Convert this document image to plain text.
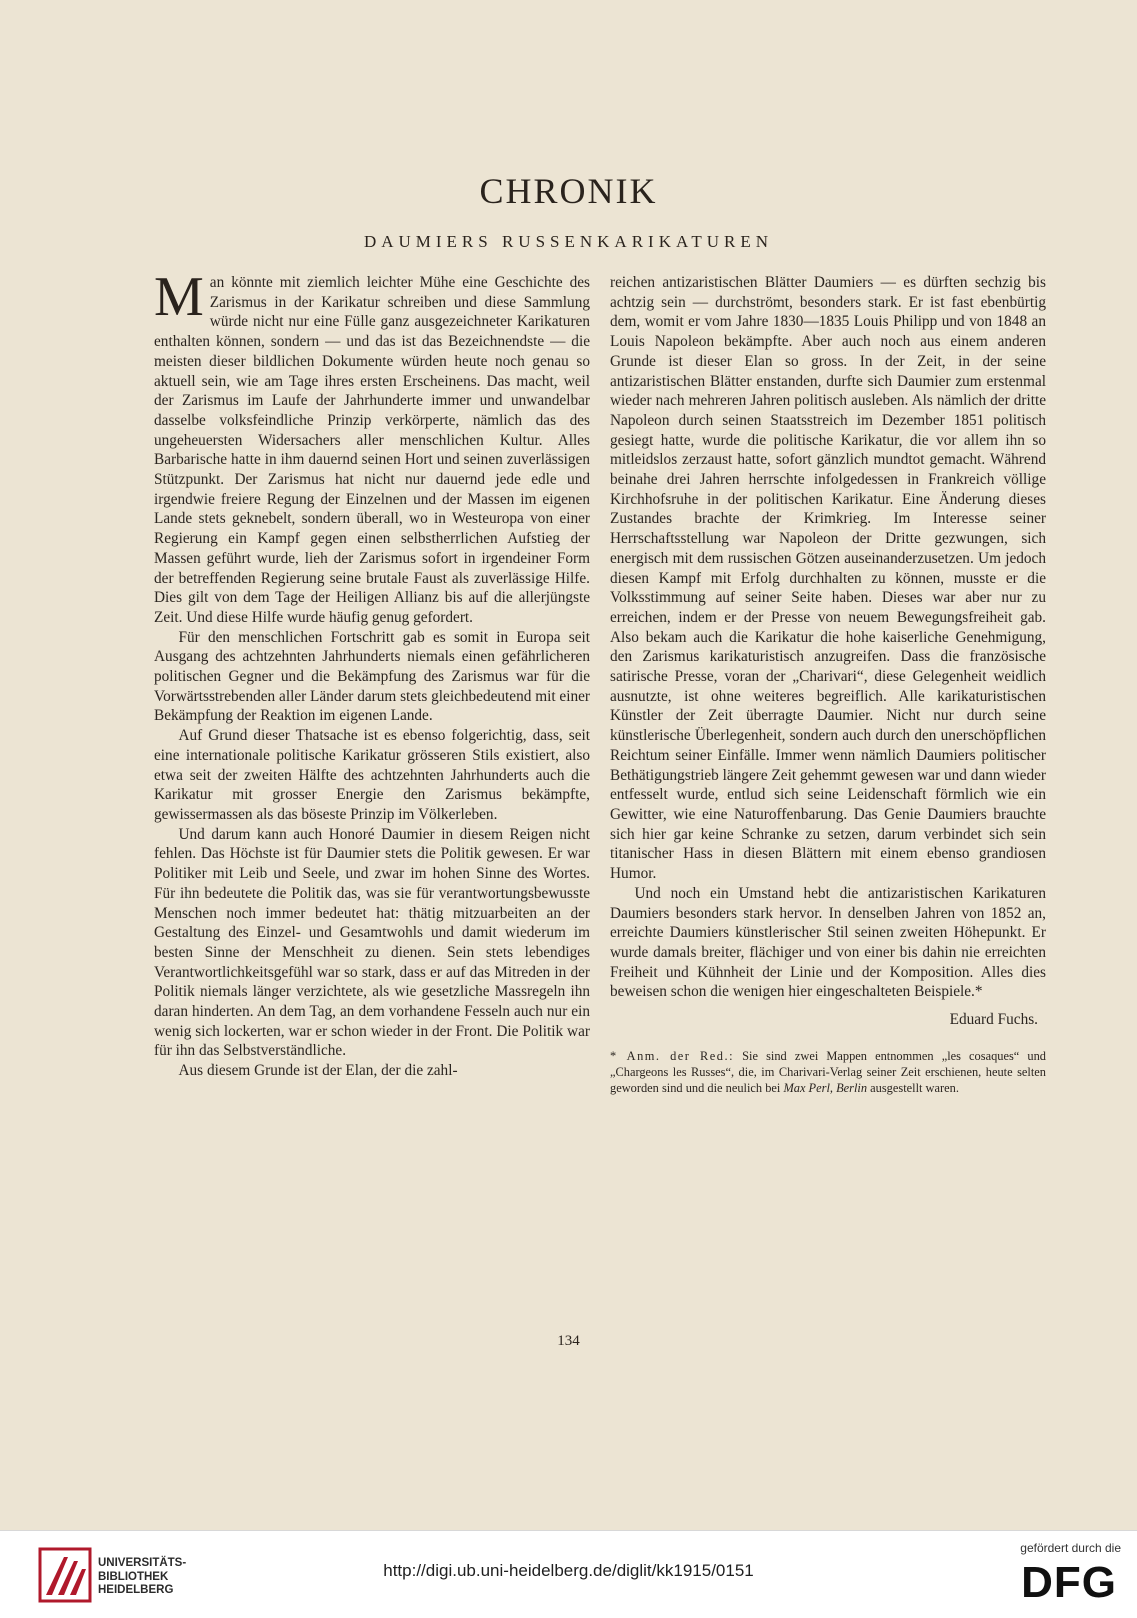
CHRONIK
DAUMIERS RUSSENKARIKATUREN

Man könnte mit ziemlich leichter Mühe eine Geschichte des Zarismus in der Karikatur schreiben und diese Sammlung würde nicht nur eine Fülle ganz ausgezeichneter Karikaturen enthalten können, sondern — und das ist das Bezeichnendste — die meisten dieser bildlichen Dokumente würden heute noch genau so aktuell sein, wie am Tage ihres ersten Erscheinens. Das macht, weil der Zarismus im Laufe der Jahrhunderte immer und unwandelbar dasselbe volksfeindliche Prinzip verkörperte, nämlich das des ungeheuersten Widersachers aller menschlichen Kultur. Alles Barbarische hatte in ihm dauernd seinen Hort und seinen zuverlässigen Stützpunkt. Der Zarismus hat nicht nur dauernd jede edle und irgendwie freiere Regung der Einzelnen und der Massen im eigenen Lande stets geknebelt, sondern überall, wo in Westeuropa von einer Regierung ein Kampf gegen einen selbstherrlichen Aufstieg der Massen geführt wurde, lieh der Zarismus sofort in irgendeiner Form der betreffenden Regierung seine brutale Faust als zuverlässige Hilfe. Dies gilt von dem Tage der Heiligen Allianz bis auf die allerjüngste Zeit. Und diese Hilfe wurde häufig genug gefordert.

Für den menschlichen Fortschritt gab es somit in Europa seit Ausgang des achtzehnten Jahrhunderts niemals einen gefährlicheren politischen Gegner und die Bekämpfung des Zarismus war für die Vorwärtsstrebenden aller Länder darum stets gleichbedeutend mit einer Bekämpfung der Reaktion im eigenen Lande.

Auf Grund dieser Thatsache ist es ebenso folgerichtig, dass, seit eine internationale politische Karikatur grösseren Stils existiert, also etwa seit der zweiten Hälfte des achtzehnten Jahrhunderts auch die Karikatur mit grosser Energie den Zarismus bekämpfte, gewissermassen als das böseste Prinzip im Völkerleben.

Und darum kann auch Honoré Daumier in diesem Reigen nicht fehlen. Das Höchste ist für Daumier stets die Politik gewesen. Er war Politiker mit Leib und Seele, und zwar im hohen Sinne des Wortes. Für ihn bedeutete die Politik das, was sie für verantwortungsbewusste Menschen noch immer bedeutet hat: thätig mitzuarbeiten an der Gestaltung des Einzel- und Gesamtwohls und damit wiederum im besten Sinne der Menschheit zu dienen. Sein stets lebendiges Verantwortlichkeitsgefühl war so stark, dass er auf das Mitreden in der Politik niemals länger verzichtete, als wie gesetzliche Massregeln ihn daran hinderten. An dem Tag, an dem vorhandene Fesseln auch nur ein wenig sich lockerten, war er schon wieder in der Front. Die Politik war für ihn das Selbstverständliche.

Aus diesem Grunde ist der Elan, der die zahl-

reichen antizaristischen Blätter Daumiers — es dürften sechzig bis achtzig sein — durchströmt, besonders stark. Er ist fast ebenbürtig dem, womit er vom Jahre 1830—1835 Louis Philipp und von 1848 an Louis Napoleon bekämpfte. Aber auch noch aus einem anderen Grunde ist dieser Elan so gross. In der Zeit, in der seine antizaristischen Blätter enstanden, durfte sich Daumier zum erstenmal wieder nach mehreren Jahren politisch ausleben. Als nämlich der dritte Napoleon durch seinen Staatsstreich im Dezember 1851 politisch gesiegt hatte, wurde die politische Karikatur, die vor allem ihn so mitleidslos zerzaust hatte, sofort gänzlich mundtot gemacht. Während beinahe drei Jahren herrschte infolgedessen in Frankreich völlige Kirchhofsruhe in der politischen Karikatur. Eine Änderung dieses Zustandes brachte der Krimkrieg. Im Interesse seiner Herrschaftsstellung war Napoleon der Dritte gezwungen, sich energisch mit dem russischen Götzen auseinanderzusetzen. Um jedoch diesen Kampf mit Erfolg durchhalten zu können, musste er die Volksstimmung auf seiner Seite haben. Dieses war aber nur zu erreichen, indem er der Presse von neuem Bewegungsfreiheit gab. Also bekam auch die Karikatur die hohe kaiserliche Genehmigung, den Zarismus karikaturistisch anzugreifen. Dass die französische satirische Presse, voran der „Charivari“, diese Gelegenheit weidlich ausnutzte, ist ohne weiteres begreiflich. Alle karikaturistischen Künstler der Zeit überragte Daumier. Nicht nur durch seine künstlerische Überlegenheit, sondern auch durch den unerschöpflichen Reichtum seiner Einfälle. Immer wenn nämlich Daumiers politischer Bethätigungstrieb längere Zeit gehemmt gewesen war und dann wieder entfesselt wurde, entlud sich seine Leidenschaft förmlich wie ein Gewitter, wie eine Naturoffenbarung. Das Genie Daumiers brauchte sich hier gar keine Schranke zu setzen, darum verbindet sich sein titanischer Hass in diesen Blättern mit einem ebenso grandiosen Humor.

Und noch ein Umstand hebt die antizaristischen Karikaturen Daumiers besonders stark hervor. In denselben Jahren von 1852 an, erreichte Daumiers künstlerischer Stil seinen zweiten Höhepunkt. Er wurde damals breiter, flächiger und von einer bis dahin nie erreichten Freiheit und Kühnheit der Linie und der Komposition. Alles dies beweisen schon die wenigen hier eingeschalteten Beispiele.*

Eduard Fuchs.
* Anm. der Red.: Sie sind zwei Mappen entnommen „les cosaques“ und „Chargeons les Russes“, die, im Charivari-Verlag seiner Zeit erschienen, heute selten geworden sind und die neulich bei Max Perl, Berlin ausgestellt waren.
134
UNIVERSITÄTS-
BIBLIOTHEK
HEIDELBERG
http://digi.ub.uni-heidelberg.de/diglit/kk1915/0151
gefördert durch die
DFG
